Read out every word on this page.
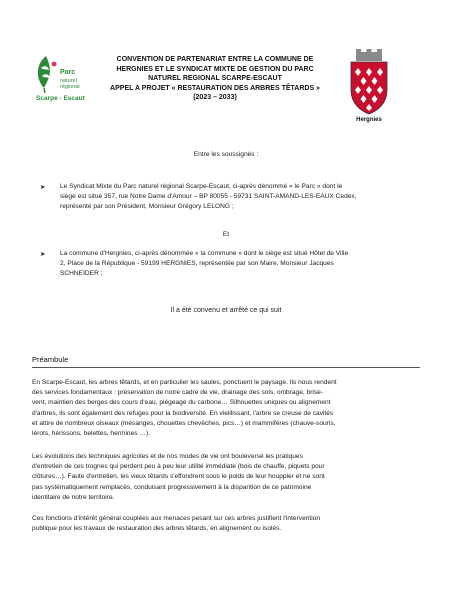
Parc
naturel
régional
Scarpe - Escaut
CONVENTION DE PARTENARIAT ENTRE LA COMMUNE DE
HERGNIES ET LE SYNDICAT MIXTE DE GESTION DU PARC
NATUREL REGIONAL SCARPE-ESCAUT
APPEL A PROJET « RESTAURATION DES ARBRES TÊTARDS »
(2023 – 2033)
Hergnies
Entre les soussignés :
➤ Le Syndicat Mixte du Parc naturel régional Scarpe-Escaut, ci-après dénommé « le Parc » dont le
siège est situé 357, rue Notre Dame d'Amour – BP 80055 - 59731 SAINT-AMAND-LES-EAUX Cedex,
représenté par son Président, Monsieur Grégory LELONG ;
Et
➤ La commune d'Hergnies, ci-après dénommée « la commune » dont le siège est situé Hôtel de Ville
2, Place de la République - 59199 HERGNIES, représentée par son Maire, Monsieur Jacques
SCHNEIDER ;
Il a été convenu et arrêté ce qui suit
Préambule
En Scarpe-Escaut, les arbres têtards, et en particulier les saules, ponctuent le paysage. Ils nous rendent
des services fondamentaux : préservation de notre cadre de vie, drainage des sols, ombrage, brise-
vent, maintien des berges des cours d'eau, piégeage du carbone… Silhouettes uniques ou alignement
d'arbres, ils sont également des refuges pour la biodiversité. En vieillissant, l'arbre se creuse de cavités
et attire de nombreux oiseaux (mésanges, chouettes chevêches, pics…) et mammifères (chauve-souris,
lérots, hérissons, belettes, hermines …).
Les évolutions des techniques agricoles et de nos modes de vie ont bouleversé les pratiques
d'entretien de ces trognes qui perdent peu à peu leur utilité immédiate (bois de chauffe, piquets pour
clôtures…). Faute d'entretien, les vieux têtards s'effondrent sous le poids de leur houppier et ne sont
pas systématiquement remplacés, conduisant progressivement à la disparition de ce patrimoine
identitaire de notre territoire.
Ces fonctions d'intérêt général couplées aux menaces pesant sur ces arbres justifient l'intervention
publique pour les travaux de restauration des arbres têtards, en alignement ou isolés.
